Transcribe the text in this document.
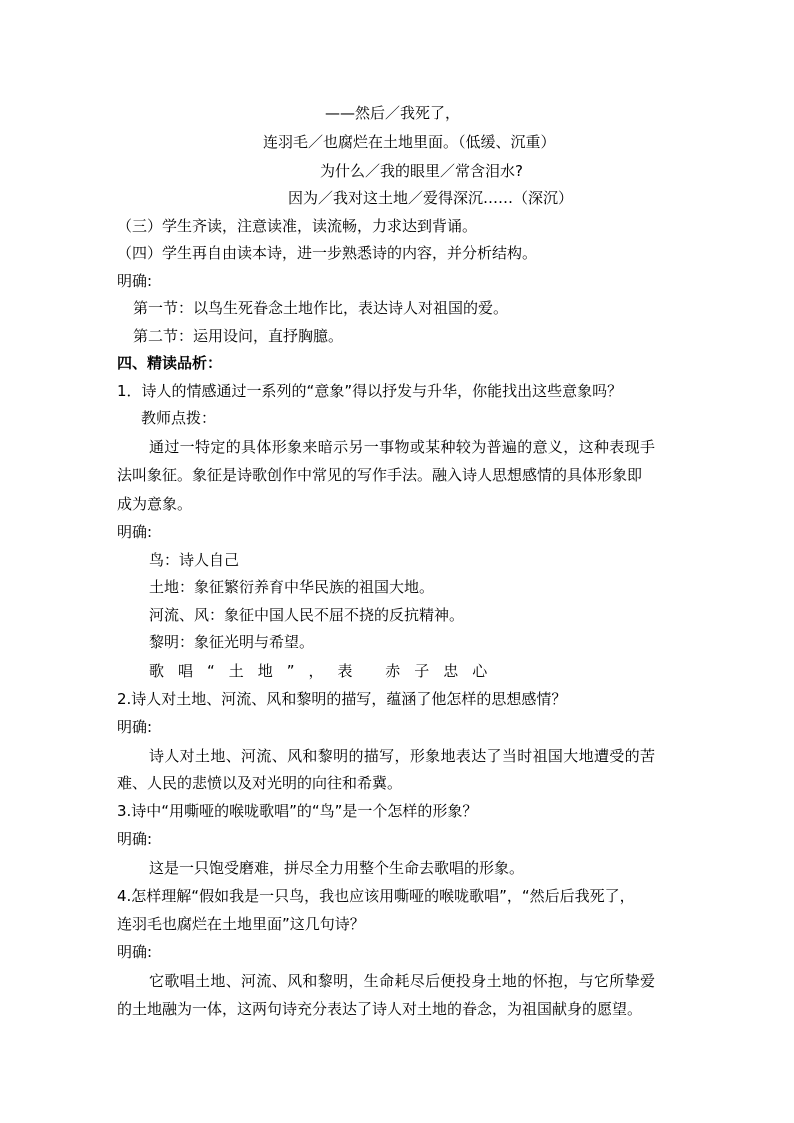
——然后／我死了，
连羽毛／也腐烂在土地里面。（低缓、沉重）
为什么／我的眼里／常含泪水?
因为／我对这土地／爱得深沉……（深沉）
（三）学生齐读，注意读准，读流畅，力求达到背诵。
（四）学生再自由读本诗，进一步熟悉诗的内容，并分析结构。
明确:
第一节：以鸟生死眷念土地作比，表达诗人对祖国的爱。
第二节：运用设问，直抒胸臆。
四、精读品析：
1．诗人的情感通过一系列的“意象”得以抒发与升华，你能找出这些意象吗？
教师点拨：
通过一特定的具体形象来暗示另一事物或某种较为普遍的意义，这种表现手
法叫象征。象征是诗歌创作中常见的写作手法。融入诗人思想感情的具体形象即
成为意象。
明确:
鸟：诗人自己
土地：象征繁衍养育中华民族的祖国大地。
河流、风：象征中国人民不屈不挠的反抗精神。
黎明：象征光明与希望。
歌唱“土地”，表 赤子忠心
2.诗人对土地、河流、风和黎明的描写，蕴涵了他怎样的思想感情？
明确:
诗人对土地、河流、风和黎明的描写，形象地表达了当时祖国大地遭受的苦
难、人民的悲愤以及对光明的向往和希冀。
3.诗中“用嘶哑的喉咙歌唱”的“鸟”是一个怎样的形象？
明确:
这是一只饱受磨难，拼尽全力用整个生命去歌唱的形象。
4.怎样理解“假如我是一只鸟，我也应该用嘶哑的喉咙歌唱”，“然后后我死了，
连羽毛也腐烂在土地里面”这几句诗？
明确:
它歌唱土地、河流、风和黎明，生命耗尽后便投身土地的怀抱，与它所挚爱
的土地融为一体，这两句诗充分表达了诗人对土地的眷念，为祖国献身的愿望。
